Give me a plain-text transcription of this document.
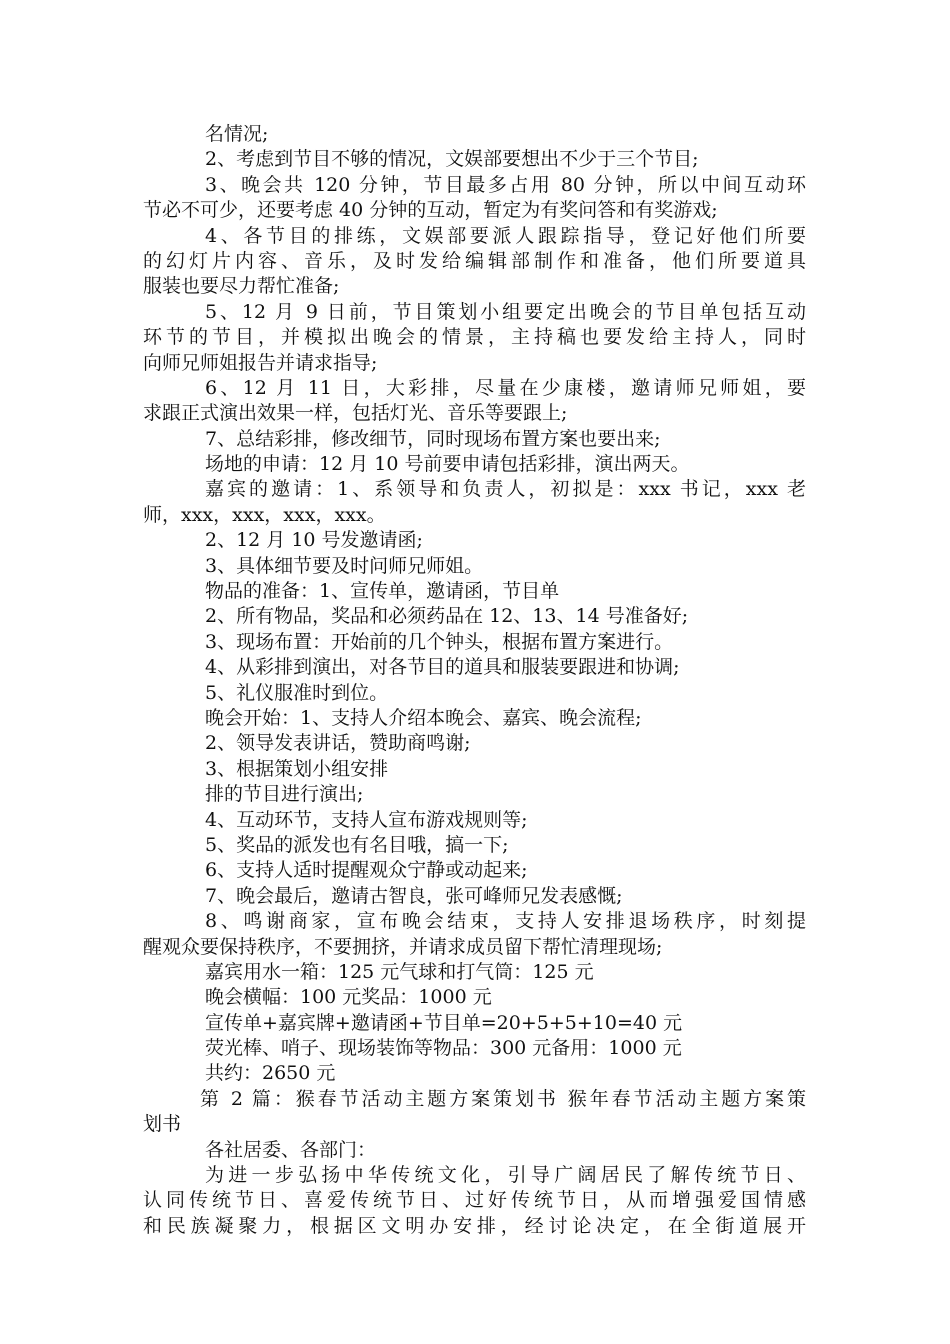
名情况;
2、考虑到节目不够的情况，文娱部要想出不少于三个节目;
3、晚会共 120 分钟，节目最多占用 80 分钟，所以中间互动环
节必不可少，还要考虑 40 分钟的互动，暂定为有奖问答和有奖游戏;
4、各节目的排练，文娱部要派人跟踪指导，登记好他们所要
的幻灯片内容、音乐，及时发给编辑部制作和准备，他们所要道具
服装也要尽力帮忙准备;
5、12 月 9 日前，节目策划小组要定出晚会的节目单包括互动
环节的节目，并模拟出晚会的情景，主持稿也要发给主持人，同时
向师兄师姐报告并请求指导;
6、12 月 11 日，大彩排，尽量在少康楼，邀请师兄师姐，要
求跟正式演出效果一样，包括灯光、音乐等要跟上;
7、总结彩排，修改细节，同时现场布置方案也要出来;
场地的申请：12 月 10 号前要申请包括彩排，演出两天。
嘉宾的邀请：1、系领导和负责人，初拟是：xxx 书记，xxx 老
师，xxx，xxx，xxx，xxx。
2、12 月 10 号发邀请函;
3、具体细节要及时问师兄师姐。
物品的准备：1、宣传单，邀请函，节目单
2、所有物品，奖品和必须药品在 12、13、14 号准备好;
3、现场布置：开始前的几个钟头，根据布置方案进行。
4、从彩排到演出，对各节目的道具和服装要跟进和协调;
5、礼仪服准时到位。
晚会开始：1、支持人介绍本晚会、嘉宾、晚会流程;
2、领导发表讲话，赞助商鸣谢;
3、根据策划小组安排
排的节目进行演出;
4、互动环节，支持人宣布游戏规则等;
5、奖品的派发也有名目哦，搞一下;
6、支持人适时提醒观众宁静或动起来;
7、晚会最后，邀请古智良，张可峰师兄发表感慨;
8、鸣谢商家，宣布晚会结束，支持人安排退场秩序，时刻提
醒观众要保持秩序，不要拥挤，并请求成员留下帮忙清理现场;
嘉宾用水一箱：125 元气球和打气筒：125 元
晚会横幅：100 元奖品：1000 元
宣传单+嘉宾牌+邀请函+节目单=20+5+5+10=40 元
荧光棒、哨子、现场装饰等物品：300 元备用：1000 元
共约：2650 元
第 2 篇：猴春节活动主题方案策划书 猴年春节活动主题方案策
划书
各社居委、各部门：
为进一步弘扬中华传统文化，引导广阔居民了解传统节日、
认同传统节日、喜爱传统节日、过好传统节日，从而增强爱国情感
和民族凝聚力，根据区文明办安排，经讨论决定，在全街道展开
